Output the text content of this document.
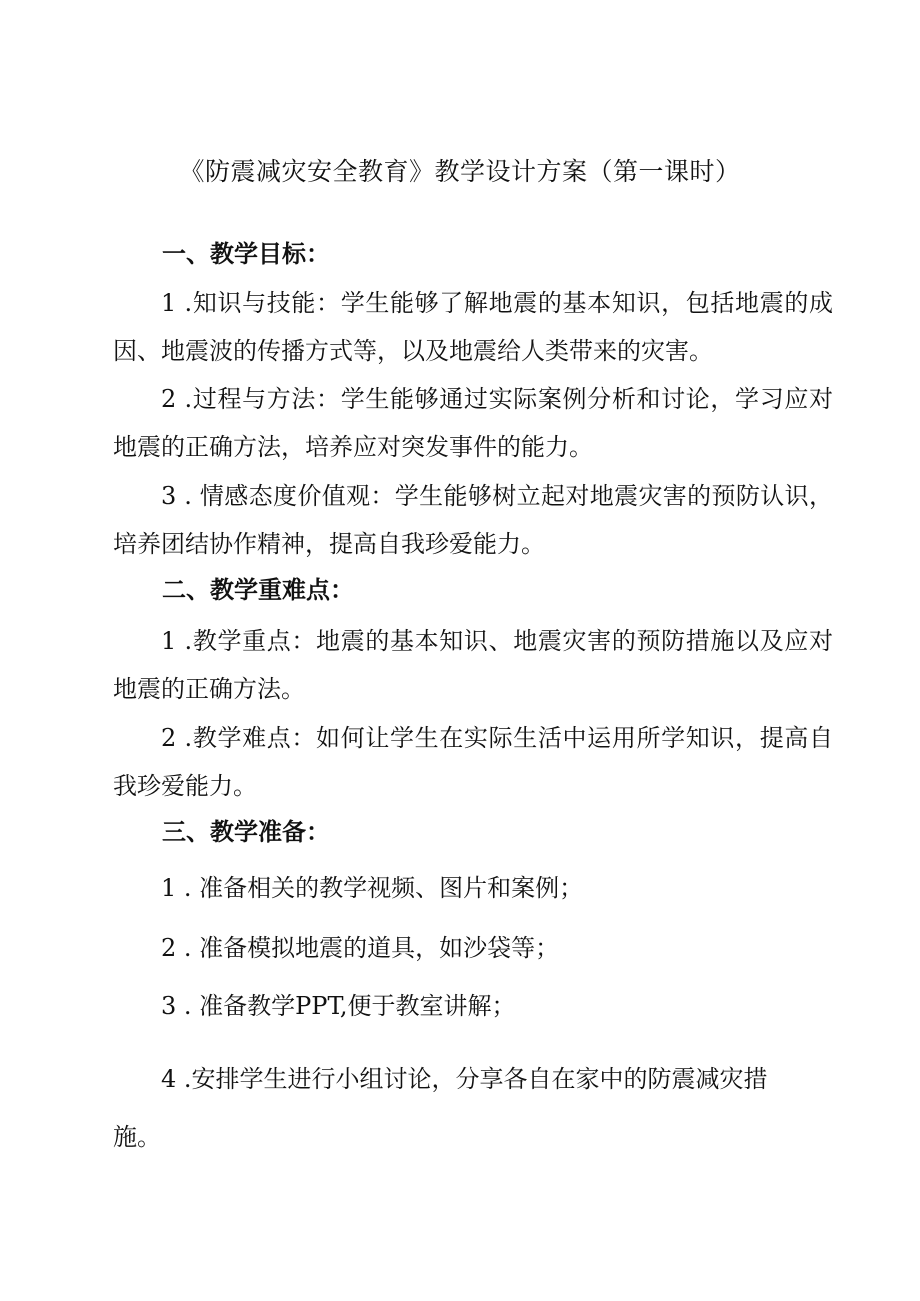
《防震减灾安全教育》教学设计方案（第一课时）
一、教学目标：
1 .知识与技能：学生能够了解地震的基本知识，包括地震的成因、地震波的传播方式等，以及地震给人类带来的灾害。
2 .过程与方法：学生能够通过实际案例分析和讨论，学习应对地震的正确方法，培养应对突发事件的能力。
3 . 情感态度价值观：学生能够树立起对地震灾害的预防认识，培养团结协作精神，提高自我珍爱能力。
二、教学重难点：
1 .教学重点：地震的基本知识、地震灾害的预防措施以及应对地震的正确方法。
2 .教学难点：如何让学生在实际生活中运用所学知识，提高自我珍爱能力。
三、教学准备：
1 . 准备相关的教学视频、图片和案例；
2 . 准备模拟地震的道具，如沙袋等；
3 . 准备教学PPT,便于教室讲解；
4 .安排学生进行小组讨论，分享各自在家中的防震减灾措施。
